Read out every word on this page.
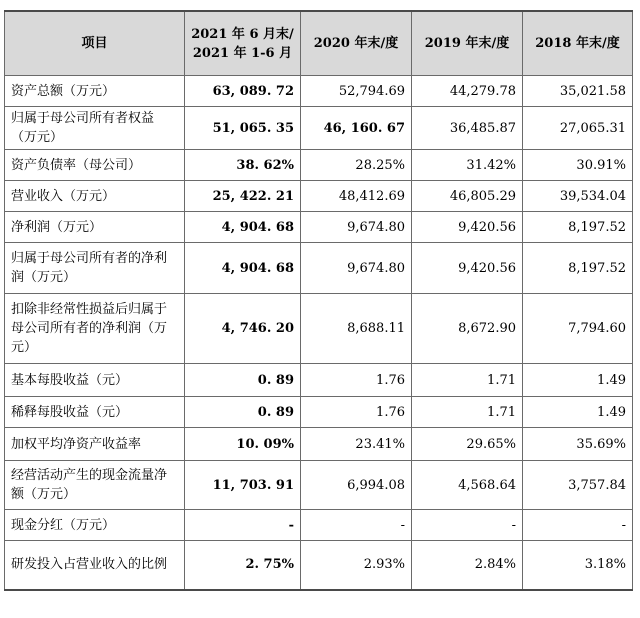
项目	2021 年 6 月末/
2021 年 1-6 月	2020 年末/度	2019 年末/度	2018 年末/度
资产总额（万元）	63, 089. 72	52,794.69	44,279.78	35,021.58
归属于母公司所有者权益（万元）	51, 065. 35	46, 160. 67	36,485.87	27,065.31
资产负债率（母公司）	38. 62%	28.25%	31.42%	30.91%
营业收入（万元）	25, 422. 21	48,412.69	46,805.29	39,534.04
净利润（万元）	4, 904. 68	9,674.80	9,420.56	8,197.52
归属于母公司所有者的净利润（万元）	4, 904. 68	9,674.80	9,420.56	8,197.52
扣除非经常性损益后归属于母公司所有者的净利润（万元）	4, 746. 20	8,688.11	8,672.90	7,794.60
基本每股收益（元）	0. 89	1.76	1.71	1.49
稀释每股收益（元）	0. 89	1.76	1.71	1.49
加权平均净资产收益率	10. 09%	23.41%	29.65%	35.69%
经营活动产生的现金流量净额（万元）	11, 703. 91	6,994.08	4,568.64	3,757.84
现金分红（万元）	-	-	-	-
研发投入占营业收入的比例	2. 75%	2.93%	2.84%	3.18%
